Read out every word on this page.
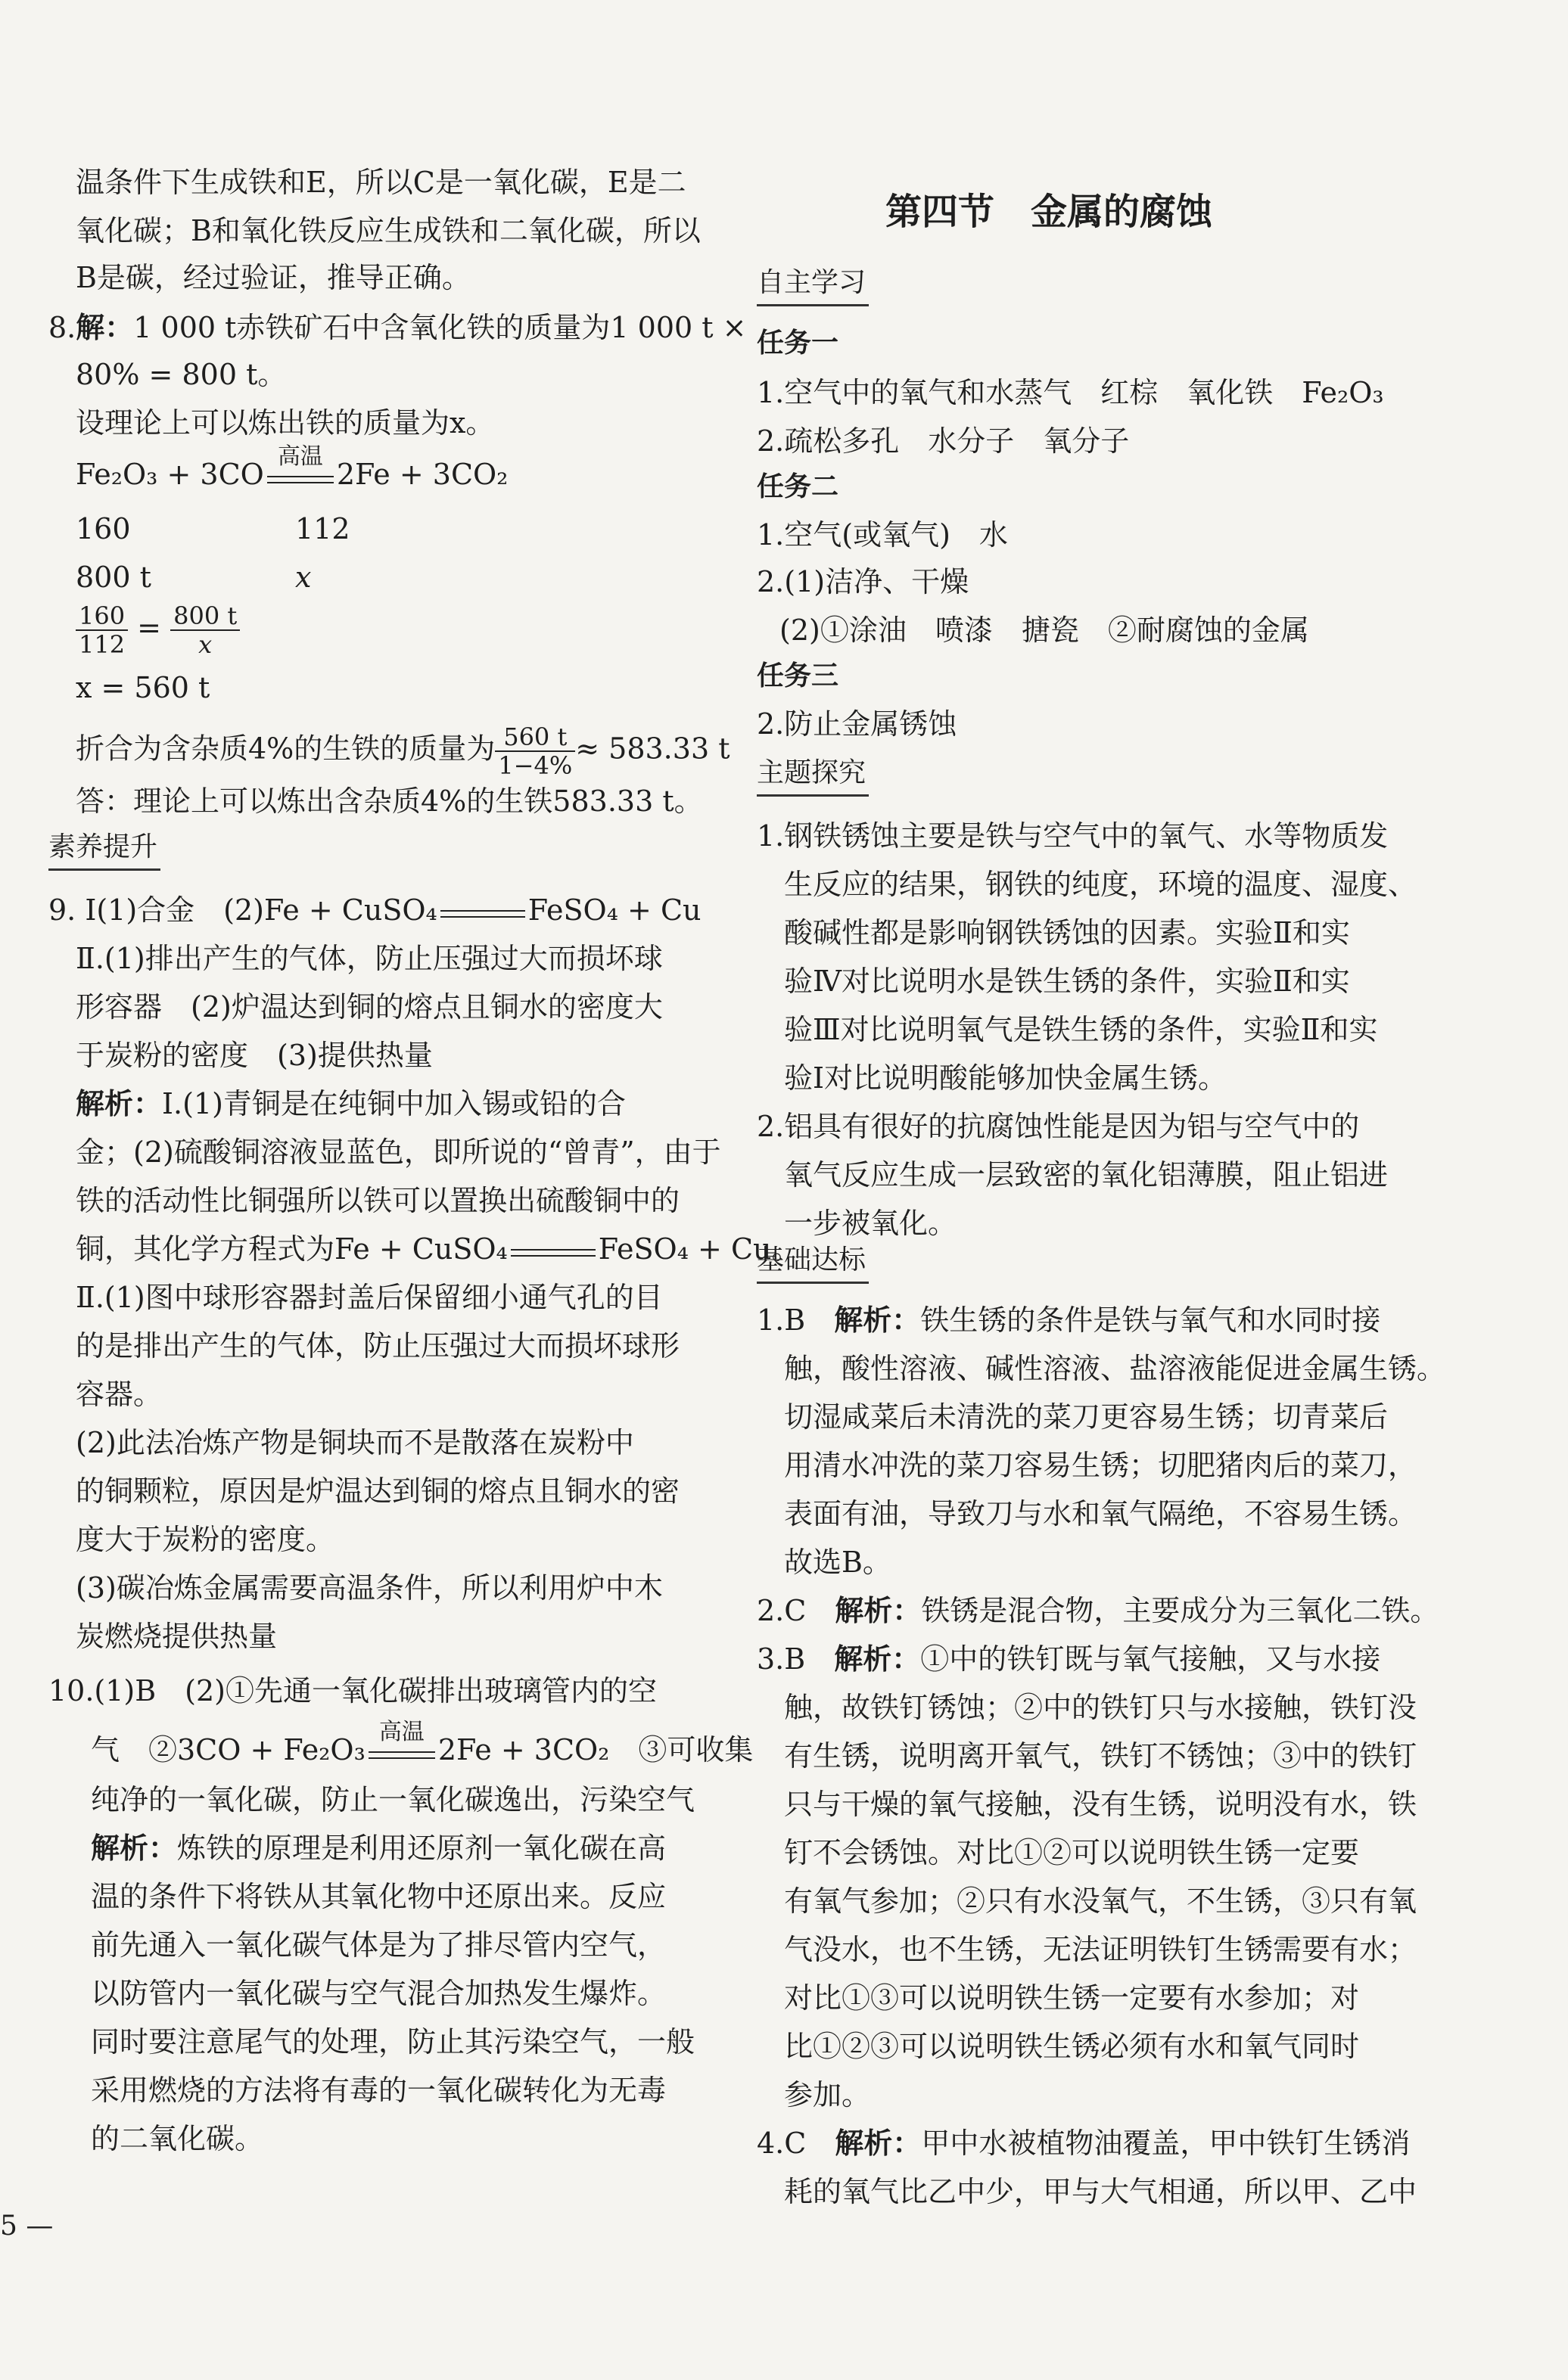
温条件下生成铁和E，所以C是一氧化碳，E是二
氧化碳；B和氧化铁反应生成铁和二氧化碳，所以
B是碳，经过验证，推导正确。
8.解：1 000 t赤铁矿石中含氧化铁的质量为1 000 t ×
80% = 800 t。
设理论上可以炼出铁的质量为x。
Fe₂O₃ + 3CO
高温
2Fe + 3CO₂
160	112
800 t	x
$\frac{160}{112} = \frac{800 t}{x}$
x = 560 t
折合为含杂质4%的生铁的质量为 $\frac{560 t}{1-4\%} \approx 583.33$ t
答：理论上可以炼出含杂质4%的生铁583.33 t。
素养提升
9. Ⅰ(1)合金　(2)Fe + CuSO₄	FeSO₄ + Cu
Ⅱ.(1)排出产生的气体，防止压强过大而损坏球
形容器　(2)炉温达到铜的熔点且铜水的密度大
于炭粉的密度　(3)提供热量
解析：Ⅰ.(1)青铜是在纯铜中加入锡或铅的合
金；(2)硫酸铜溶液显蓝色，即所说的“曾青”，由于
铁的活动性比铜强所以铁可以置换出硫酸铜中的
铜，其化学方程式为Fe + CuSO₄	FeSO₄ + Cu。
Ⅱ.(1)图中球形容器封盖后保留细小通气孔的目
的是排出产生的气体，防止压强过大而损坏球形
容器。
(2)此法冶炼产物是铜块而不是散落在炭粉中
的铜颗粒，原因是炉温达到铜的熔点且铜水的密
度大于炭粉的密度。
(3)碳冶炼金属需要高温条件，所以利用炉中木
炭燃烧提供热量
10.(1)B　(2)①先通一氧化碳排出玻璃管内的空
气　②3CO + Fe₂O₃
高温
2Fe + 3CO₂　③可收集
纯净的一氧化碳，防止一氧化碳逸出，污染空气
解析：炼铁的原理是利用还原剂一氧化碳在高
温的条件下将铁从其氧化物中还原出来。反应
前先通入一氧化碳气体是为了排尽管内空气，
以防管内一氧化碳与空气混合加热发生爆炸。
同时要注意尾气的处理，防止其污染空气，一般
采用燃烧的方法将有毒的一氧化碳转化为无毒
的二氧化碳。
第四节　金属的腐蚀
自主学习
任务一
1.空气中的氧气和水蒸气　红棕　氧化铁　Fe₂O₃
2.疏松多孔　水分子　氧分子
任务二
1.空气(或氧气)　水
2.(1)洁净、干燥
(2)①涂油　喷漆　搪瓷　②耐腐蚀的金属
任务三
2.防止金属锈蚀
主题探究
1.钢铁锈蚀主要是铁与空气中的氧气、水等物质发
生反应的结果，钢铁的纯度，环境的温度、湿度、
酸碱性都是影响钢铁锈蚀的因素。实验Ⅱ和实
验Ⅳ对比说明水是铁生锈的条件，实验Ⅱ和实
验Ⅲ对比说明氧气是铁生锈的条件，实验Ⅱ和实
验Ⅰ对比说明酸能够加快金属生锈。
2.铝具有很好的抗腐蚀性能是因为铝与空气中的
氧气反应生成一层致密的氧化铝薄膜，阻止铝进
一步被氧化。
基础达标
1.B　解析：铁生锈的条件是铁与氧气和水同时接
触，酸性溶液、碱性溶液、盐溶液能促进金属生锈。
切湿咸菜后未清洗的菜刀更容易生锈；切青菜后
用清水冲洗的菜刀容易生锈；切肥猪肉后的菜刀，
表面有油，导致刀与水和氧气隔绝，不容易生锈。
故选B。
2.C　解析：铁锈是混合物，主要成分为三氧化二铁。
3.B　解析：①中的铁钉既与氧气接触，又与水接
触，故铁钉锈蚀；②中的铁钉只与水接触，铁钉没
有生锈，说明离开氧气，铁钉不锈蚀；③中的铁钉
只与干燥的氧气接触，没有生锈，说明没有水，铁
钉不会锈蚀。对比①②可以说明铁生锈一定要
有氧气参加；②只有水没氧气，不生锈，③只有氧
气没水，也不生锈，无法证明铁钉生锈需要有水；
对比①③可以说明铁生锈一定要有水参加；对
比①②③可以说明铁生锈必须有水和氧气同时
参加。
4.C　解析：甲中水被植物油覆盖，甲中铁钉生锈消
耗的氧气比乙中少，甲与大气相通，所以甲、乙中
5 —
